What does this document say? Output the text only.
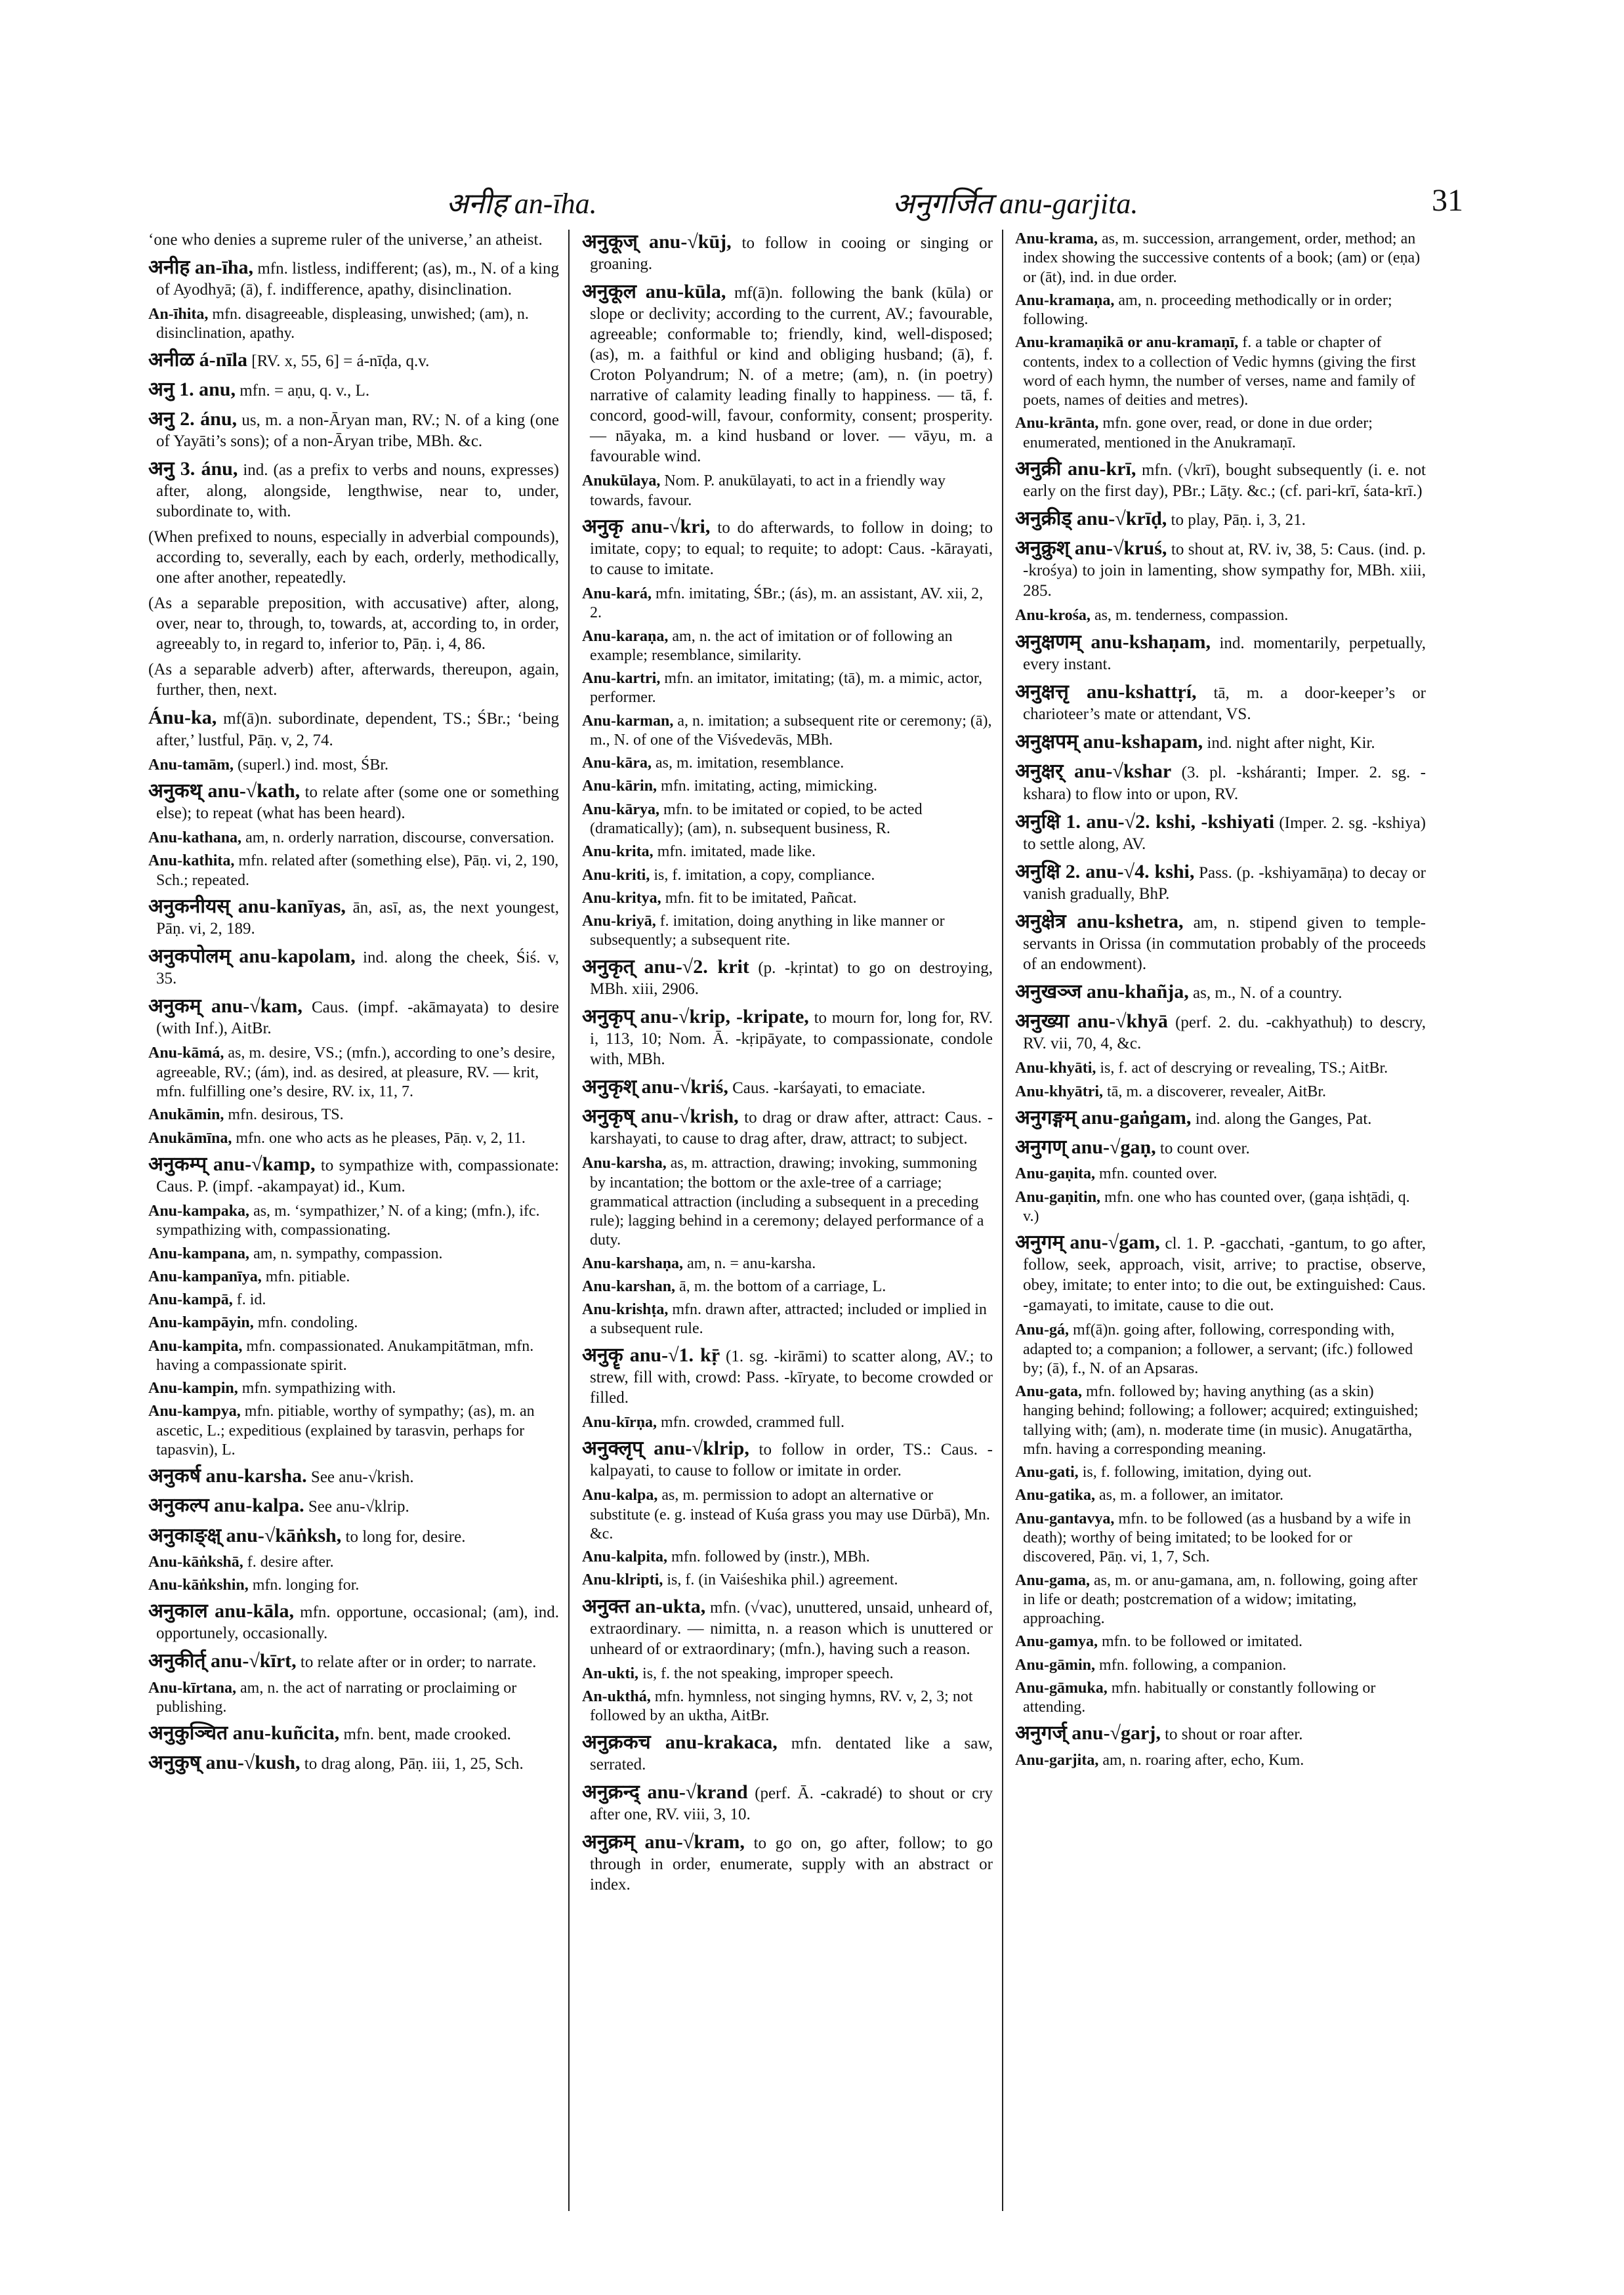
अनीह an-īha.	अनुगर्जित anu-garjita.	31

‘one who denies a supreme ruler of the universe,’ an atheist.

अनीह an-īha, mfn. listless, indifferent; (as), m., N. of a king of Ayodhyā; (ā), f. indifference, apathy, disinclination.

An-īhita, mfn. disagreeable, displeasing, unwished; (am), n. disinclination, apathy.

अनीळ á-nīla [RV. x, 55, 6] = á-nīḍa, q.v.

अनु 1. anu, mfn. = aṇu, q. v., L.

अनु 2. ánu, us, m. a non-Āryan man, RV.; N. of a king (one of Yayāti’s sons); of a non-Āryan tribe, MBh. &c.

अनु 3. ánu, ind. (as a prefix to verbs and nouns, expresses) after, along, alongside, lengthwise, near to, under, subordinate to, with.

(When prefixed to nouns, especially in adverbial compounds), according to, severally, each by each, orderly, methodically, one after another, repeatedly.

(As a separable preposition, with accusative) after, along, over, near to, through, to, towards, at, according to, in order, agreeably to, in regard to, inferior to, Pāṇ. i, 4, 86.

(As a separable adverb) after, afterwards, thereupon, again, further, then, next.

Ánu-ka, mf(ā)n. subordinate, dependent, TS.; ŚBr.; ‘being after,’ lustful, Pāṇ. v, 2, 74.

Anu-tamām, (superl.) ind. most, ŚBr.

अनुकथ् anu-√kath, to relate after (some one or something else); to repeat (what has been heard).

Anu-kathana, am, n. orderly narration, discourse, conversation.

Anu-kathita, mfn. related after (something else), Pāṇ. vi, 2, 190, Sch.; repeated.

अनुकनीयस् anu-kanīyas, ān, asī, as, the next youngest, Pāṇ. vi, 2, 189.

अनुकपोलम् anu-kapolam, ind. along the cheek, Śiś. v, 35.

अनुकम् anu-√kam, Caus. (impf. -akāmayata) to desire (with Inf.), AitBr.

Anu-kāmá, as, m. desire, VS.; (mfn.), according to one’s desire, agreeable, RV.; (ám), ind. as desired, at pleasure, RV. — krit, mfn. fulfilling one’s desire, RV. ix, 11, 7.

Anukāmin, mfn. desirous, TS.

Anukāmīna, mfn. one who acts as he pleases, Pāṇ. v, 2, 11.

अनुकम्प् anu-√kamp, to sympathize with, compassionate: Caus. P. (impf. -akampayat) id., Kum.

Anu-kampaka, as, m. ‘sympathizer,’ N. of a king; (mfn.), ifc. sympathizing with, compassionating.

Anu-kampana, am, n. sympathy, compassion.

Anu-kampanīya, mfn. pitiable.

Anu-kampā, f. id.

Anu-kampāyin, mfn. condoling.

Anu-kampita, mfn. compassionated. Anukampitātman, mfn. having a compassionate spirit.

Anu-kampin, mfn. sympathizing with.

Anu-kampya, mfn. pitiable, worthy of sympathy; (as), m. an ascetic, L.; expeditious (explained by tarasvin, perhaps for tapasvin), L.

अनुकर्ष anu-karsha. See anu-√krish.

अनुकल्प anu-kalpa. See anu-√klrip.

अनुकाङ्क्ष् anu-√kāṅksh, to long for, desire.

Anu-kāṅkshā, f. desire after.

Anu-kāṅkshin, mfn. longing for.

अनुकाल anu-kāla, mfn. opportune, occasional; (am), ind. opportunely, occasionally.

अनुकीर्त् anu-√kīrt, to relate after or in order; to narrate.

Anu-kīrtana, am, n. the act of narrating or proclaiming or publishing.

अनुकुञ्चित anu-kuñcita, mfn. bent, made crooked.

अनुकुष् anu-√kush, to drag along, Pāṇ. iii, 1, 25, Sch.

अनुकूज् anu-√kūj, to follow in cooing or singing or groaning.

अनुकूल anu-kūla, mf(ā)n. following the bank (kūla) or slope or declivity; according to the current, AV.; favourable, agreeable; conformable to; friendly, kind, well-disposed; (as), m. a faithful or kind and obliging husband; (ā), f. Croton Polyandrum; N. of a metre; (am), n. (in poetry) narrative of calamity leading finally to happiness. — tā, f. concord, good-will, favour, conformity, consent; prosperity. — nāyaka, m. a kind husband or lover. — vāyu, m. a favourable wind.

Anukūlaya, Nom. P. anukūlayati, to act in a friendly way towards, favour.

अनुकृ anu-√kri, to do afterwards, to follow in doing; to imitate, copy; to equal; to requite; to adopt: Caus. -kārayati, to cause to imitate.

Anu-kará, mfn. imitating, ŚBr.; (ás), m. an assistant, AV. xii, 2, 2.

Anu-karaṇa, am, n. the act of imitation or of following an example; resemblance, similarity.

Anu-kartri, mfn. an imitator, imitating; (tā), m. a mimic, actor, performer.

Anu-karman, a, n. imitation; a subsequent rite or ceremony; (ā), m., N. of one of the Viśvedevās, MBh.

Anu-kāra, as, m. imitation, resemblance.

Anu-kārin, mfn. imitating, acting, mimicking.

Anu-kārya, mfn. to be imitated or copied, to be acted (dramatically); (am), n. subsequent business, R.

Anu-krita, mfn. imitated, made like.

Anu-kriti, is, f. imitation, a copy, compliance.

Anu-kritya, mfn. fit to be imitated, Pañcat.

Anu-kriyā, f. imitation, doing anything in like manner or subsequently; a subsequent rite.

अनुकृत् anu-√2. krit (p. -kṛintat) to go on destroying, MBh. xiii, 2906.

अनुकृप् anu-√krip, -kripate, to mourn for, long for, RV. i, 113, 10; Nom. Ā. -kṛipāyate, to compassionate, condole with, MBh.

अनुकृश् anu-√kriś, Caus. -karśayati, to emaciate.

अनुकृष् anu-√krish, to drag or draw after, attract: Caus. -karshayati, to cause to drag after, draw, attract; to subject.

Anu-karsha, as, m. attraction, drawing; invoking, summoning by incantation; the bottom or the axle-tree of a carriage; grammatical attraction (including a subsequent in a preceding rule); lagging behind in a ceremony; delayed performance of a duty.

Anu-karshaṇa, am, n. = anu-karsha.

Anu-karshan, ā, m. the bottom of a carriage, L.

Anu-krishṭa, mfn. drawn after, attracted; included or implied in a subsequent rule.

अनुकॄ anu-√1. kṝ (1. sg. -kirāmi) to scatter along, AV.; to strew, fill with, crowd: Pass. -kīryate, to become crowded or filled.

Anu-kīrṇa, mfn. crowded, crammed full.

अनुक्लृप् anu-√klrip, to follow in order, TS.: Caus. -kalpayati, to cause to follow or imitate in order.

Anu-kalpa, as, m. permission to adopt an alternative or substitute (e. g. instead of Kuśa grass you may use Dūrbā), Mn. &c.

Anu-kalpita, mfn. followed by (instr.), MBh.

Anu-klripti, is, f. (in Vaiśeshika phil.) agreement.

अनुक्त an-ukta, mfn. (√vac), unuttered, unsaid, unheard of, extraordinary. — nimitta, n. a reason which is unuttered or unheard of or extraordinary; (mfn.), having such a reason.

An-ukti, is, f. the not speaking, improper speech.

An-ukthá, mfn. hymnless, not singing hymns, RV. v, 2, 3; not followed by an uktha, AitBr.

अनुक्रकच anu-krakaca, mfn. dentated like a saw, serrated.

अनुक्रन्द् anu-√krand (perf. Ā. -cakradé) to shout or cry after one, RV. viii, 3, 10.

अनुक्रम् anu-√kram, to go on, go after, follow; to go through in order, enumerate, supply with an abstract or index.

Anu-krama, as, m. succession, arrangement, order, method; an index showing the successive contents of a book; (am) or (eṇa) or (āt), ind. in due order.

Anu-kramaṇa, am, n. proceeding methodically or in order; following.

Anu-kramaṇikā or anu-kramaṇī, f. a table or chapter of contents, index to a collection of Vedic hymns (giving the first word of each hymn, the number of verses, name and family of poets, names of deities and metres).

Anu-krānta, mfn. gone over, read, or done in due order; enumerated, mentioned in the Anukramaṇī.

अनुक्री anu-krī, mfn. (√krī), bought subsequently (i. e. not early on the first day), PBr.; Lāṭy. &c.; (cf. pari-krī, śata-krī.)

अनुक्रीड् anu-√krīḍ, to play, Pāṇ. i, 3, 21.

अनुक्रुश् anu-√kruś, to shout at, RV. iv, 38, 5: Caus. (ind. p. -krośya) to join in lamenting, show sympathy for, MBh. xiii, 285.

Anu-krośa, as, m. tenderness, compassion.

अनुक्षणम् anu-kshaṇam, ind. momentarily, perpetually, every instant.

अनुक्षत्तृ anu-kshattṛí, tā, m. a door-keeper’s or charioteer’s mate or attendant, VS.

अनुक्षपम् anu-kshapam, ind. night after night, Kir.

अनुक्षर् anu-√kshar (3. pl. -ksháranti; Imper. 2. sg. -kshara) to flow into or upon, RV.

अनुक्षि 1. anu-√2. kshi, -kshiyati (Imper. 2. sg. -kshiya) to settle along, AV.

अनुक्षि 2. anu-√4. kshi, Pass. (p. -kshiyamāṇa) to decay or vanish gradually, BhP.

अनुक्षेत्र anu-kshetra, am, n. stipend given to temple-servants in Orissa (in commutation probably of the proceeds of an endowment).

अनुखञ्ज anu-khañja, as, m., N. of a country.

अनुख्या anu-√khyā (perf. 2. du. -cakhyathuḥ) to descry, RV. vii, 70, 4, &c.

Anu-khyāti, is, f. act of descrying or revealing, TS.; AitBr.

Anu-khyātri, tā, m. a discoverer, revealer, AitBr.

अनुगङ्गम् anu-gaṅgam, ind. along the Ganges, Pat.

अनुगण् anu-√gaṇ, to count over.

Anu-gaṇita, mfn. counted over.

Anu-gaṇitin, mfn. one who has counted over, (gaṇa ishṭādi, q. v.)

अनुगम् anu-√gam, cl. 1. P. -gacchati, -gantum, to go after, follow, seek, approach, visit, arrive; to practise, observe, obey, imitate; to enter into; to die out, be extinguished: Caus. -gamayati, to imitate, cause to die out.

Anu-gá, mf(ā)n. going after, following, corresponding with, adapted to; a companion; a follower, a servant; (ifc.) followed by; (ā), f., N. of an Apsaras.

Anu-gata, mfn. followed by; having anything (as a skin) hanging behind; following; a follower; acquired; extinguished; tallying with; (am), n. moderate time (in music). Anugatārtha, mfn. having a corresponding meaning.

Anu-gati, is, f. following, imitation, dying out.

Anu-gatika, as, m. a follower, an imitator.

Anu-gantavya, mfn. to be followed (as a husband by a wife in death); worthy of being imitated; to be looked for or discovered, Pāṇ. vi, 1, 7, Sch.

Anu-gama, as, m. or anu-gamana, am, n. following, going after in life or death; postcremation of a widow; imitating, approaching.

Anu-gamya, mfn. to be followed or imitated.

Anu-gāmin, mfn. following, a companion.

Anu-gāmuka, mfn. habitually or constantly following or attending.

अनुगर्ज् anu-√garj, to shout or roar after.

Anu-garjita, am, n. roaring after, echo, Kum.
